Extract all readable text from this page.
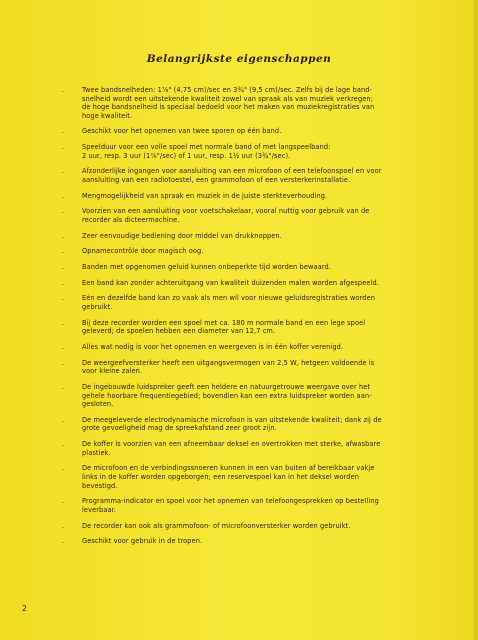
Belangrijkste eigenschappen
.	Twee bandsnelheden: 1⅞" (4,75 cm)/sec en 3¾" (9,5 cm)/sec. Zelfs bij de lage band-
snelheid wordt een uitstekende kwaliteit zowel van spraak als van muziek verkregen;
de hoge bandsnelheid is speciaal bedoeld voor het maken van muziekregistraties van
hoge kwaliteit.
.	Geschikt voor het opnemen van twee sporen op één band.
.	Speelduur voor een volle spoel met normale band of met langspeelband:
2 uur, resp. 3 uur (1⅞"/sec) of 1 uur, resp. 1½ uur (3¾"/sec).
.	Afzonderlijke ingangen voor aansluiting van een microfoon of een telefoonspoel en voor
aansluiting van een radiotoestel, een grammofoon of een versterkerinstallatie.
.	Mengmogelijkheid van spraak en muziek in de juiste sterkteverhouding.
.	Voorzien van een aansluiting voor voetschakelaar, vooral nuttig voor gebruik van de
recorder als dicteermachine.
.	Zeer eenvoudige bediening door middel van drukknoppen.
.	Opnamecontrôle door magisch oog.
.	Banden met opgenomen geluid kunnen onbeperkte tijd worden bewaard.
.	Een band kan zonder achteruitgang van kwaliteit duizenden malen worden afgespeeld.
.	Eén en dezelfde band kan zo vaak als men wil voor nieuwe geluidsregistraties worden
gebruikt.
.	Bij deze recorder worden een spoel met ca. 180 m normale band en een lege spoel
geleverd; de spoelen hebben een diameter van 12,7 cm.
.	Alles wat nodig is voor het opnemen en weergeven is in één koffer verenigd.
.	De weergeefversterker heeft een uitgangsvermogen van 2,5 W, hetgeen voldoende is
voor kleine zalen.
.	De ingebouwde luidspreker geeft een heldere en natuurgetrouwe weergave over het
gehele hoorbare frequentiegebied; bovendien kan een extra luidspreker worden aan-
gesloten.
.	De meegeleverde electrodynamische microfoon is van uitstekende kwaliteit; dank zij de
grote gevoeligheid mag de spreekafstand zeer groot zijn.
.	De koffer is voorzien van een afneembaar deksel en overtrokken met sterke, afwasbare
plastiek.
.	De microfoon en de verbindingssnoeren kunnen in een van buiten af bereikbaar vakje
links in de koffer worden opgeborgen; een reservespoel kan in het deksel worden
bevestigd.
.	Programma-indicator en spoel voor het opnemen van telefoongesprekken op bestelling
leverbaar.
.	De recorder kan ook als grammofoon- of microfoonversterker worden gebruikt.
.	Geschikt voor gebruik in de tropen.
2
